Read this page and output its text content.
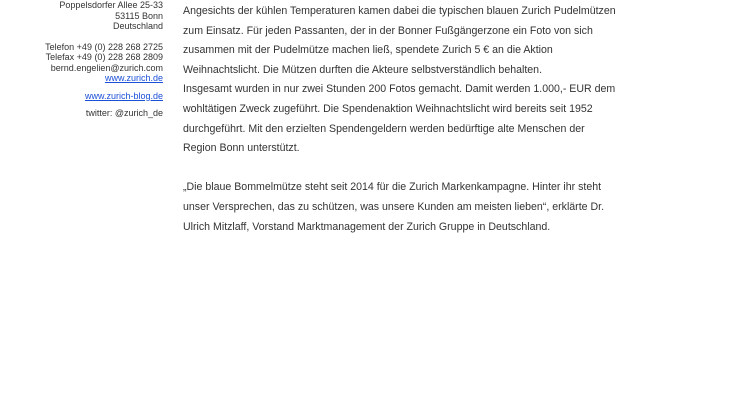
Poppelsdorfer Allee 25-33
53115 Bonn
Deutschland
Telefon +49 (0) 228 268 2725
Telefax +49 (0) 228 268 2809
bernd.engelien@zurich.com
www.zurich.de
www.zurich-blog.de
twitter: @zurich_de

Angesichts der kühlen Temperaturen kamen dabei die typischen blauen Zurich Pudelmützen
zum Einsatz. Für jeden Passanten, der in der Bonner Fußgängerzone ein Foto von sich
zusammen mit der Pudelmütze machen ließ, spendete Zurich 5 € an die Aktion
Weihnachtslicht. Die Mützen durften die Akteure selbstverständlich behalten.
Insgesamt wurden in nur zwei Stunden 200 Fotos gemacht. Damit werden 1.000,- EUR dem
wohltätigen Zweck zugeführt. Die Spendenaktion Weihnachtslicht wird bereits seit 1952
durchgeführt. Mit den erzielten Spendengeldern werden bedürftige alte Menschen der
Region Bonn unterstützt.

„Die blaue Bommelmütze steht seit 2014 für die Zurich Markenkampagne. Hinter ihr steht
unser Versprechen, das zu schützen, was unsere Kunden am meisten lieben“, erklärte Dr.
Ulrich Mitzlaff, Vorstand Marktmanagement der Zurich Gruppe in Deutschland.
